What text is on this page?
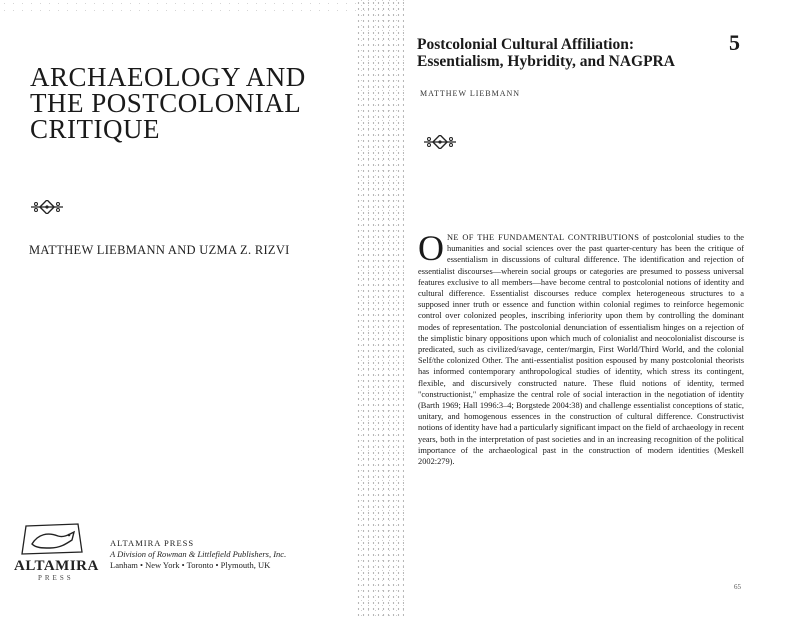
ARCHAEOLOGY AND THE POSTCOLONIAL CRITIQUE
MATTHEW LIEBMANN AND UZMA Z. RIZVI
ALTAMIRA
PRESS
ALTAMIRA PRESS
A Division of Rowman & Littlefield Publishers, Inc.
Lanham • New York • Toronto • Plymouth, UK
Postcolonial Cultural Affiliation:
Essentialism, Hybridity, and NAGPRA
5
MATTHEW LIEBMANN

ONE OF THE FUNDAMENTAL CONTRIBUTIONS of postcolonial studies to the humanities and social sciences over the past quarter-century has been the critique of essentialism in discussions of cultural difference. The identification and rejection of essentialist discourses—wherein social groups or categories are presumed to possess universal features exclusive to all members—have become central to postcolonial notions of identity and cultural difference. Essentialist discourses reduce complex heterogeneous structures to a supposed inner truth or essence and function within colonial regimes to reinforce hegemonic control over colonized peoples, inscribing inferiority upon them by controlling the dominant modes of representation. The postcolonial denunciation of essentialism hinges on a rejection of the simplistic binary oppositions upon which much of colonialist and neocolonialist discourse is predicated, such as civilized/savage, center/margin, First World/Third World, and the colonial Self/the colonized Other. The anti-essentialist position espoused by many postcolonial theorists has informed contemporary anthropological studies of identity, which stress its contingent, flexible, and discursively constructed nature. These fluid notions of identity, termed "constructionist," emphasize the central role of social interaction in the negotiation of identity (Barth 1969; Hall 1996:3–4; Borgstede 2004:38) and challenge essentialist conceptions of static, unitary, and homogenous essences in the construction of cultural difference. Constructivist notions of identity have had a particularly significant impact on the field of archaeology in recent years, both in the interpretation of past societies and in an increasing recognition of the political importance of the archaeological past in the construction of modern identities (Meskell 2002:279).

65
